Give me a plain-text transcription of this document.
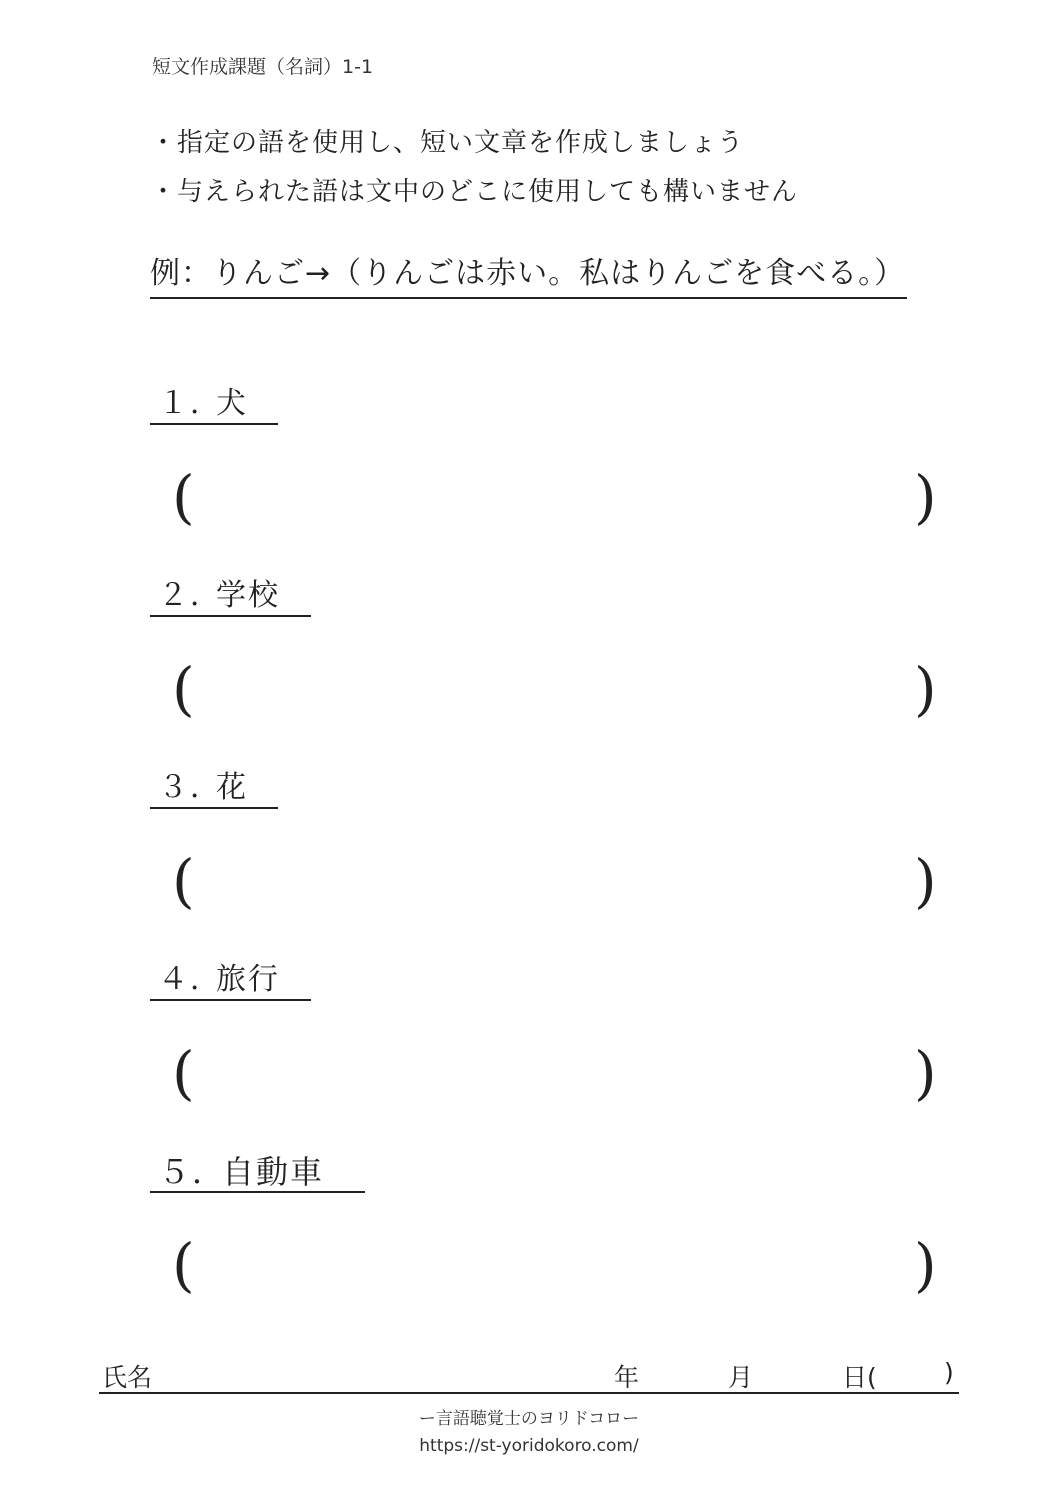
短文作成課題（名詞）1-1
・指定の語を使用し、短い文章を作成しましょう
・与えられた語は文中のどこに使用しても構いません
例：りんご→（りんごは赤い。私はりんごを食べる。）
１．犬
(	)
２．学校
(	)
３．花
(	)
４．旅行
(	)
５．自動車
(	)
氏名	年	月	日(	)
ー言語聴覚士のヨリドコロー
https://st-yoridokoro.com/
